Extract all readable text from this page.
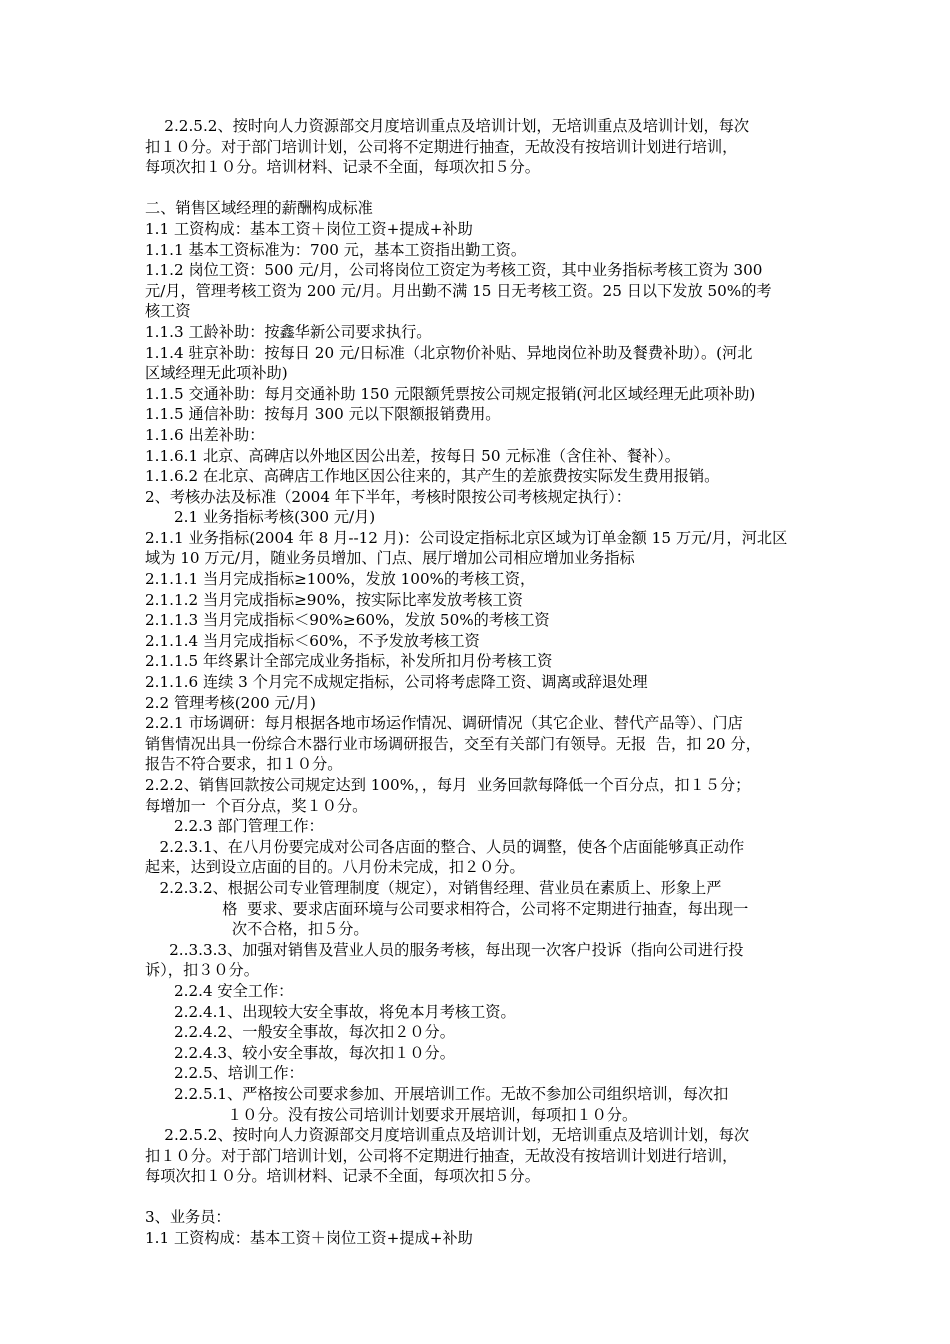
2.2.5.2、按时向人力资源部交月度培训重点及培训计划，无培训重点及培训计划，每次

扣１０分。对于部门培训计划，公司将不定期进行抽查，无故没有按培训计划进行培训，

每项次扣１０分。培训材料、记录不全面，每项次扣５分。

二、销售区域经理的薪酬构成标准

1.1 工资构成：基本工资＋岗位工资+提成+补助

1.1.1 基本工资标准为：700 元，基本工资指出勤工资。

1.1.2 岗位工资：500 元/月，公司将岗位工资定为考核工资，其中业务指标考核工资为 300

元/月，管理考核工资为 200 元/月。月出勤不满 15 日无考核工资。25 日以下发放 50%的考

核工资

1.1.3 工龄补助：按鑫华新公司要求执行。

1.1.4 驻京补助：按每日 20 元/日标准（北京物价补贴、异地岗位补助及餐费补助）。(河北

区域经理无此项补助)

1.1.5 交通补助：每月交通补助 150 元限额凭票按公司规定报销(河北区域经理无此项补助)

1.1.5 通信补助：按每月 300 元以下限额报销费用。

1.1.6 出差补助：

1.1.6.1 北京、高碑店以外地区因公出差，按每日 50 元标准（含住补、餐补）。

1.1.6.2 在北京、高碑店工作地区因公往来的，其产生的差旅费按实际发生费用报销。

2、考核办法及标准（2004 年下半年，考核时限按公司考核规定执行）：

2.1 业务指标考核(300 元/月)

2.1.1 业务指标(2004 年 8 月--12 月)：公司设定指标北京区域为订单金额 15 万元/月，河北区

域为 10 万元/月，随业务员增加、门点、展厅增加公司相应增加业务指标

2.1.1.1 当月完成指标≥100%，发放 100%的考核工资，

2.1.1.2 当月完成指标≥90%，按实际比率发放考核工资

2.1.1.3 当月完成指标＜90%≥60%，发放 50%的考核工资

2.1.1.4 当月完成指标＜60%，不予发放考核工资

2.1.1.5 年终累计全部完成业务指标，补发所扣月份考核工资

2.1.1.6 连续 3 个月完不成规定指标，公司将考虑降工资、调离或辞退处理

2.2 管理考核(200 元/月)

2.2.1 市场调研：每月根据各地市场运作情况、调研情况（其它企业、替代产品等）、门店

销售情况出具一份综合木器行业市场调研报告，交至有关部门有领导。无报  告，扣 20 分，

报告不符合要求，扣１０分。

2.2.2、销售回款按公司规定达到 100%，，每月  业务回款每降低一个百分点，扣１５分；

每增加一  个百分点，奖１０分。

2.2.3 部门管理工作：

2.2.3.1、在八月份要完成对公司各店面的整合、人员的调整，使各个店面能够真正动作

起来，达到设立店面的目的。八月份未完成，扣２０分。

2.2.3.2、根据公司专业管理制度（规定），对销售经理、营业员在素质上、形象上严

格  要求、要求店面环境与公司要求相符合，公司将不定期进行抽查，每出现一

次不合格，扣５分。

2..3.3.3、加强对销售及营业人员的服务考核，每出现一次客户投诉（指向公司进行投

诉），扣３０分。

2.2.4 安全工作：

2.2.4.1、出现较大安全事故，将免本月考核工资。

2.2.4.2、一般安全事故，每次扣２０分。

2.2.4.3、较小安全事故，每次扣１０分。

2.2.5、培训工作：

2.2.5.1、严格按公司要求参加、开展培训工作。无故不参加公司组织培训，每次扣

１０分。没有按公司培训计划要求开展培训，每项扣１０分。

2.2.5.2、按时向人力资源部交月度培训重点及培训计划，无培训重点及培训计划，每次

扣１０分。对于部门培训计划，公司将不定期进行抽查，无故没有按培训计划进行培训，

每项次扣１０分。培训材料、记录不全面，每项次扣５分。

3、业务员：

1.1 工资构成：基本工资＋岗位工资+提成+补助
